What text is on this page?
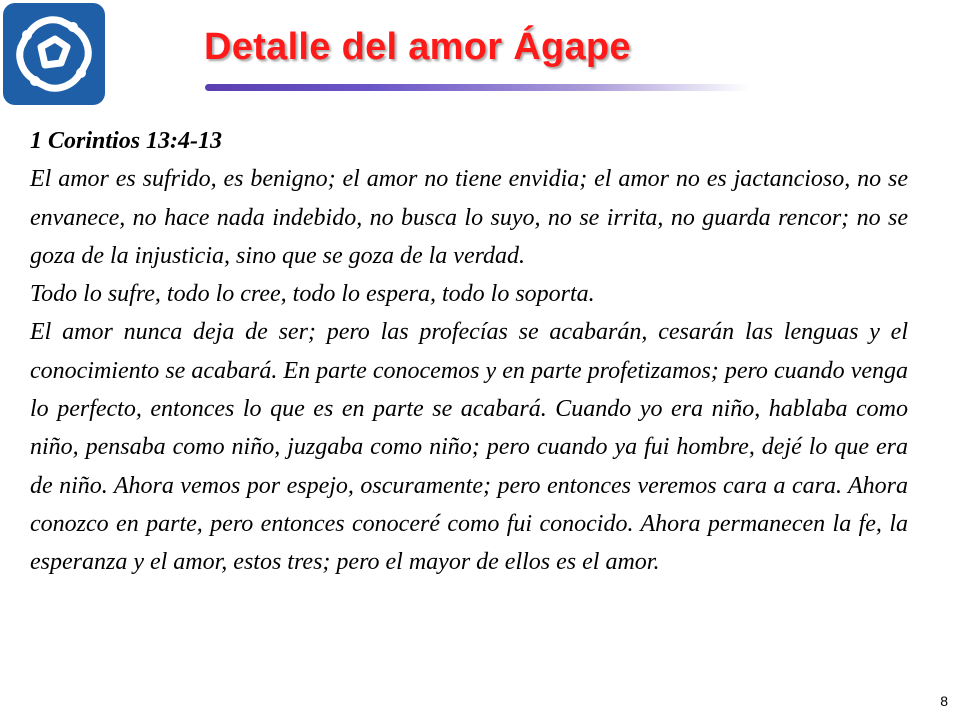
Detalle del amor Ágape
1 Corintios 13:4-13
El amor es sufrido, es benigno; el amor no tiene envidia; el amor no es jactancioso, no se envanece, no hace nada indebido, no busca lo suyo, no se irrita, no guarda rencor; no se goza de la injusticia, sino que se goza de la verdad.
Todo lo sufre, todo lo cree, todo lo espera, todo lo soporta.
El amor nunca deja de ser; pero las profecías se acabarán, cesarán las lenguas y el conocimiento se acabará. En parte conocemos y en parte profetizamos; pero cuando venga lo perfecto, entonces lo que es en parte se acabará. Cuando yo era niño, hablaba como niño, pensaba como niño, juzgaba como niño; pero cuando ya fui hombre, dejé lo que era de niño. Ahora vemos por espejo, oscuramente; pero entonces veremos cara a cara. Ahora conozco en parte, pero entonces conoceré como fui conocido. Ahora permanecen la fe, la esperanza y el amor, estos tres; pero el mayor de ellos es el amor.
8
